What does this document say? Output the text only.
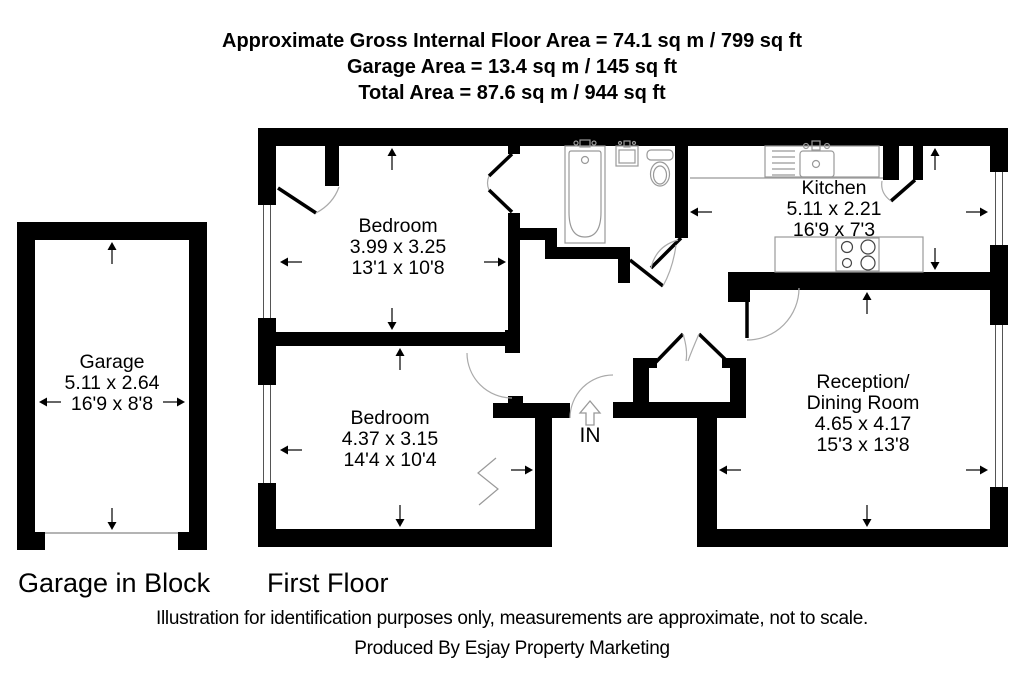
Approximate Gross Internal Floor Area = 74.1 sq m / 799 sq ft
Garage Area = 13.4 sq m / 145 sq ft
Total Area = 87.6 sq m / 944 sq ft
Garage
5.11 x 2.64
16'9 x 8'8
Bedroom
3.99 x 3.25
13'1 x 10'8
Bedroom
4.37 x 3.15
14'4 x 10'4
Kitchen
5.11 x 2.21
16'9 x 7'3
Reception/
Dining Room
4.65 x 4.17
15'3 x 13'8
IN
Garage in Block First Floor
Illustration for identification purposes only, measurements are approximate, not to scale.
Produced By Esjay Property Marketing
